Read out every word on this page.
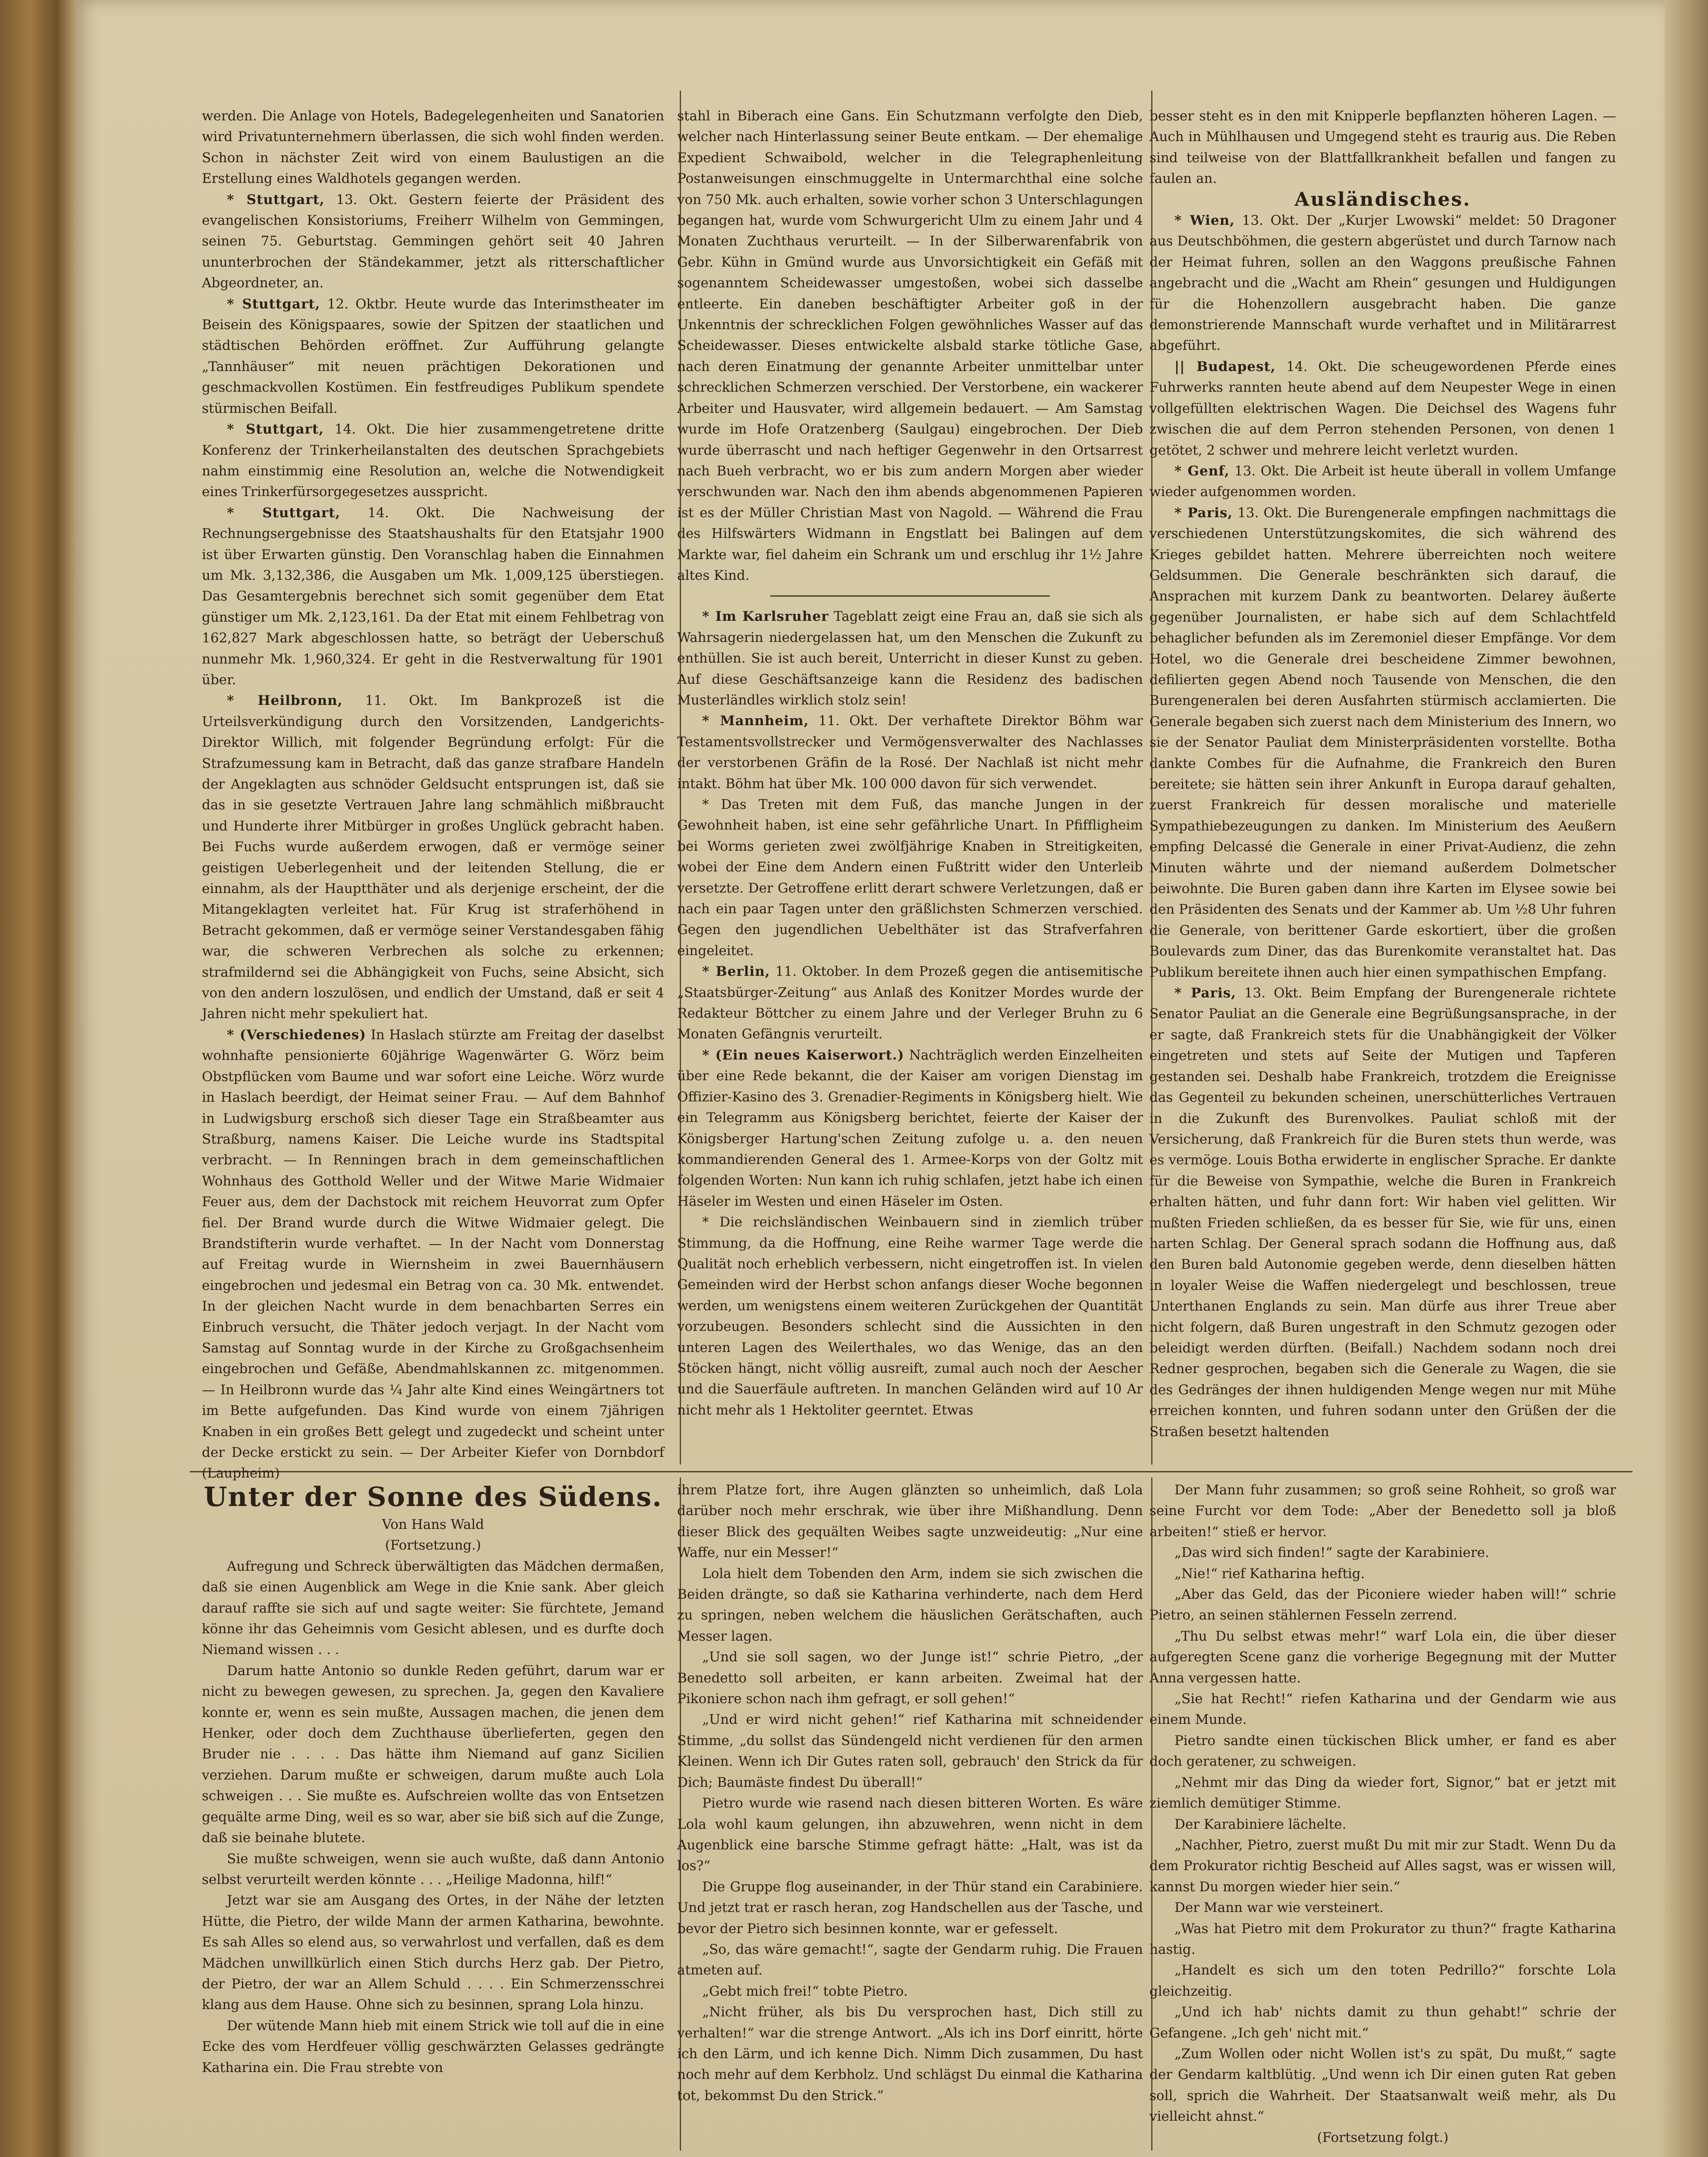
werden. Die Anlage von Hotels, Badegelegenheiten und Sanatorien wird Privatunternehmern überlassen, die sich wohl finden werden. Schon in nächster Zeit wird von einem Baulustigen an die Erstellung eines Waldhotels gegangen werden.

* Stuttgart, 13. Okt. Gestern feierte der Präsident des evangelischen Konsistoriums, Freiherr Wilhelm von Gemmingen, seinen 75. Geburtstag. Gemmingen gehört seit 40 Jahren ununterbrochen der Ständekammer, jetzt als ritterschaftlicher Abgeordneter, an.

* Stuttgart, 12. Oktbr. Heute wurde das Interimstheater im Beisein des Königspaares, sowie der Spitzen der staatlichen und städtischen Behörden eröffnet. Zur Aufführung gelangte „Tannhäuser“ mit neuen prächtigen Dekorationen und geschmackvollen Kostümen. Ein festfreudiges Publikum spendete stürmischen Beifall.

* Stuttgart, 14. Okt. Die hier zusammengetretene dritte Konferenz der Trinkerheilanstalten des deutschen Sprachgebiets nahm einstimmig eine Resolution an, welche die Notwendigkeit eines Trinkerfürsorgegesetzes ausspricht.

* Stuttgart, 14. Okt. Die Nachweisung der Rechnungsergebnisse des Staatshaushalts für den Etatsjahr 1900 ist über Erwarten günstig. Den Voranschlag haben die Einnahmen um Mk. 3,132,386, die Ausgaben um Mk. 1,009,125 überstiegen. Das Gesamtergebnis berechnet sich somit gegenüber dem Etat günstiger um Mk. 2,123,161. Da der Etat mit einem Fehlbetrag von 162,827 Mark abgeschlossen hatte, so beträgt der Ueberschuß nunmehr Mk. 1,960,324. Er geht in die Restverwaltung für 1901 über.

* Heilbronn, 11. Okt. Im Bankprozeß ist die Urteilsverkündigung durch den Vorsitzenden, Landgerichts-Direktor Willich, mit folgender Begründung erfolgt: Für die Strafzumessung kam in Betracht, daß das ganze strafbare Handeln der Angeklagten aus schnöder Geldsucht entsprungen ist, daß sie das in sie gesetzte Vertrauen Jahre lang schmählich mißbraucht und Hunderte ihrer Mitbürger in großes Unglück gebracht haben. Bei Fuchs wurde außerdem erwogen, daß er vermöge seiner geistigen Ueberlegenheit und der leitenden Stellung, die er einnahm, als der Hauptthäter und als derjenige erscheint, der die Mitangeklagten verleitet hat. Für Krug ist straferhöhend in Betracht gekommen, daß er vermöge seiner Verstandesgaben fähig war, die schweren Verbrechen als solche zu erkennen; strafmildernd sei die Abhängigkeit von Fuchs, seine Absicht, sich von den andern loszulösen, und endlich der Umstand, daß er seit 4 Jahren nicht mehr spekuliert hat.

* (Verschiedenes) In Haslach stürzte am Freitag der daselbst wohnhafte pensionierte 60jährige Wagenwärter G. Wörz beim Obstpflücken vom Baume und war sofort eine Leiche. Wörz wurde in Haslach beerdigt, der Heimat seiner Frau. — Auf dem Bahnhof in Ludwigsburg erschoß sich dieser Tage ein Straßbeamter aus Straßburg, namens Kaiser. Die Leiche wurde ins Stadtspital verbracht. — In Renningen brach in dem gemeinschaftlichen Wohnhaus des Gotthold Weller und der Witwe Marie Widmaier Feuer aus, dem der Dachstock mit reichem Heuvorrat zum Opfer fiel. Der Brand wurde durch die Witwe Widmaier gelegt. Die Brandstifterin wurde verhaftet. — In der Nacht vom Donnerstag auf Freitag wurde in Wiernsheim in zwei Bauernhäusern eingebrochen und jedesmal ein Betrag von ca. 30 Mk. entwendet. In der gleichen Nacht wurde in dem benachbarten Serres ein Einbruch versucht, die Thäter jedoch verjagt. In der Nacht vom Samstag auf Sonntag wurde in der Kirche zu Großgachsenheim eingebrochen und Gefäße, Abendmahlskannen zc. mitgenommen. — In Heilbronn wurde das ¼ Jahr alte Kind eines Weingärtners tot im Bette aufgefunden. Das Kind wurde von einem 7jährigen Knaben in ein großes Bett gelegt und zugedeckt und scheint unter der Decke erstickt zu sein. — Der Arbeiter Kiefer von Dornbdorf (Laupheim)

stahl in Biberach eine Gans. Ein Schutzmann verfolgte den Dieb, welcher nach Hinterlassung seiner Beute entkam. — Der ehemalige Expedient Schwaibold, welcher in die Telegraphenleitung Postanweisungen einschmuggelte in Untermarchthal eine solche von 750 Mk. auch erhalten, sowie vorher schon 3 Unterschlagungen begangen hat, wurde vom Schwurgericht Ulm zu einem Jahr und 4 Monaten Zuchthaus verurteilt. — In der Silberwarenfabrik von Gebr. Kühn in Gmünd wurde aus Unvorsichtigkeit ein Gefäß mit sogenanntem Scheidewasser umgestoßen, wobei sich dasselbe entleerte. Ein daneben beschäftigter Arbeiter goß in der Unkenntnis der schrecklichen Folgen gewöhnliches Wasser auf das Scheidewasser. Dieses entwickelte alsbald starke tötliche Gase, nach deren Einatmung der genannte Arbeiter unmittelbar unter schrecklichen Schmerzen verschied. Der Verstorbene, ein wackerer Arbeiter und Hausvater, wird allgemein bedauert. — Am Samstag wurde im Hofe Oratzenberg (Saulgau) eingebrochen. Der Dieb wurde überrascht und nach heftiger Gegenwehr in den Ortsarrest nach Bueh verbracht, wo er bis zum andern Morgen aber wieder verschwunden war. Nach den ihm abends abgenommenen Papieren ist es der Müller Christian Mast von Nagold. — Während die Frau des Hilfswärters Widmann in Engstlatt bei Balingen auf dem Markte war, fiel daheim ein Schrank um und erschlug ihr 1½ Jahre altes Kind.

* Im Karlsruher Tageblatt zeigt eine Frau an, daß sie sich als Wahrsagerin niedergelassen hat, um den Menschen die Zukunft zu enthüllen. Sie ist auch bereit, Unterricht in dieser Kunst zu geben. Auf diese Geschäftsanzeige kann die Residenz des badischen Musterländles wirklich stolz sein!

* Mannheim, 11. Okt. Der verhaftete Direktor Böhm war Testamentsvollstrecker und Vermögensverwalter des Nachlasses der verstorbenen Gräfin de la Rosé. Der Nachlaß ist nicht mehr intakt. Böhm hat über Mk. 100 000 davon für sich verwendet.

* Das Treten mit dem Fuß, das manche Jungen in der Gewohnheit haben, ist eine sehr gefährliche Unart. In Pfiffligheim bei Worms gerieten zwei zwölfjährige Knaben in Streitigkeiten, wobei der Eine dem Andern einen Fußtritt wider den Unterleib versetzte. Der Getroffene erlitt derart schwere Verletzungen, daß er nach ein paar Tagen unter den gräßlichsten Schmerzen verschied. Gegen den jugendlichen Uebelthäter ist das Strafverfahren eingeleitet.

* Berlin, 11. Oktober. In dem Prozeß gegen die antisemitische „Staatsbürger-Zeitung“ aus Anlaß des Konitzer Mordes wurde der Redakteur Böttcher zu einem Jahre und der Verleger Bruhn zu 6 Monaten Gefängnis verurteilt.

* (Ein neues Kaiserwort.) Nachträglich werden Einzelheiten über eine Rede bekannt, die der Kaiser am vorigen Dienstag im Offizier-Kasino des 3. Grenadier-Regiments in Königsberg hielt. Wie ein Telegramm aus Königsberg berichtet, feierte der Kaiser der Königsberger Hartung'schen Zeitung zufolge u. a. den neuen kommandierenden General des 1. Armee-Korps von der Goltz mit folgenden Worten: Nun kann ich ruhig schlafen, jetzt habe ich einen Häseler im Westen und einen Häseler im Osten.

* Die reichsländischen Weinbauern sind in ziemlich trüber Stimmung, da die Hoffnung, eine Reihe warmer Tage werde die Qualität noch erheblich verbessern, nicht eingetroffen ist. In vielen Gemeinden wird der Herbst schon anfangs dieser Woche begonnen werden, um wenigstens einem weiteren Zurückgehen der Quantität vorzubeugen. Besonders schlecht sind die Aussichten in den unteren Lagen des Weilerthales, wo das Wenige, das an den Stöcken hängt, nicht völlig ausreift, zumal auch noch der Aescher und die Sauerfäule auftreten. In manchen Geländen wird auf 10 Ar nicht mehr als 1 Hektoliter geerntet. Etwas

besser steht es in den mit Knipperle bepflanzten höheren Lagen. — Auch in Mühlhausen und Umgegend steht es traurig aus. Die Reben sind teilweise von der Blattfallkrankheit befallen und fangen zu faulen an.

Ausländisches.

* Wien, 13. Okt. Der „Kurjer Lwowski“ meldet: 50 Dragoner aus Deutschböhmen, die gestern abgerüstet und durch Tarnow nach der Heimat fuhren, sollen an den Waggons preußische Fahnen angebracht und die „Wacht am Rhein“ gesungen und Huldigungen für die Hohenzollern ausgebracht haben. Die ganze demonstrierende Mannschaft wurde verhaftet und in Militärarrest abgeführt.

|| Budapest, 14. Okt. Die scheugewordenen Pferde eines Fuhrwerks rannten heute abend auf dem Neupester Wege in einen vollgefüllten elektrischen Wagen. Die Deichsel des Wagens fuhr zwischen die auf dem Perron stehenden Personen, von denen 1 getötet, 2 schwer und mehrere leicht verletzt wurden.

* Genf, 13. Okt. Die Arbeit ist heute überall in vollem Umfange wieder aufgenommen worden.

* Paris, 13. Okt. Die Burengenerale empfingen nachmittags die verschiedenen Unterstützungskomites, die sich während des Krieges gebildet hatten. Mehrere überreichten noch weitere Geldsummen. Die Generale beschränkten sich darauf, die Ansprachen mit kurzem Dank zu beantworten. Delarey äußerte gegenüber Journalisten, er habe sich auf dem Schlachtfeld behaglicher befunden als im Zeremoniel dieser Empfänge. Vor dem Hotel, wo die Generale drei bescheidene Zimmer bewohnen, defilierten gegen Abend noch Tausende von Menschen, die den Burengeneralen bei deren Ausfahrten stürmisch acclamierten. Die Generale begaben sich zuerst nach dem Ministerium des Innern, wo sie der Senator Pauliat dem Ministerpräsidenten vorstellte. Botha dankte Combes für die Aufnahme, die Frankreich den Buren bereitete; sie hätten sein ihrer Ankunft in Europa darauf gehalten, zuerst Frankreich für dessen moralische und materielle Sympathiebezeugungen zu danken. Im Ministerium des Aeußern empfing Delcassé die Generale in einer Privat-Audienz, die zehn Minuten währte und der niemand außerdem Dolmetscher beiwohnte. Die Buren gaben dann ihre Karten im Elysee sowie bei den Präsidenten des Senats und der Kammer ab. Um ½8 Uhr fuhren die Generale, von berittener Garde eskortiert, über die großen Boulevards zum Diner, das das Burenkomite veranstaltet hat. Das Publikum bereitete ihnen auch hier einen sympathischen Empfang.

* Paris, 13. Okt. Beim Empfang der Burengenerale richtete Senator Pauliat an die Generale eine Begrüßungsansprache, in der er sagte, daß Frankreich stets für die Unabhängigkeit der Völker eingetreten und stets auf Seite der Mutigen und Tapferen gestanden sei. Deshalb habe Frankreich, trotzdem die Ereignisse das Gegenteil zu bekunden scheinen, unerschütterliches Vertrauen in die Zukunft des Burenvolkes. Pauliat schloß mit der Versicherung, daß Frankreich für die Buren stets thun werde, was es vermöge. Louis Botha erwiderte in englischer Sprache. Er dankte für die Beweise von Sympathie, welche die Buren in Frankreich erhalten hätten, und fuhr dann fort: Wir haben viel gelitten. Wir mußten Frieden schließen, da es besser für Sie, wie für uns, einen harten Schlag. Der General sprach sodann die Hoffnung aus, daß den Buren bald Autonomie gegeben werde, denn dieselben hätten in loyaler Weise die Waffen niedergelegt und beschlossen, treue Unterthanen Englands zu sein. Man dürfe aus ihrer Treue aber nicht folgern, daß Buren ungestraft in den Schmutz gezogen oder beleidigt werden dürften. (Beifall.) Nachdem sodann noch drei Redner gesprochen, begaben sich die Generale zu Wagen, die sie des Gedränges der ihnen huldigenden Menge wegen nur mit Mühe erreichen konnten, und fuhren sodann unter den Grüßen der die Straßen besetzt haltenden

Unter der Sonne des Südens.

Von Hans Wald

(Fortsetzung.)

Aufregung und Schreck überwältigten das Mädchen dermaßen, daß sie einen Augenblick am Wege in die Knie sank. Aber gleich darauf raffte sie sich auf und sagte weiter: Sie fürchtete, Jemand könne ihr das Geheimnis vom Gesicht ablesen, und es durfte doch Niemand wissen . . .

Darum hatte Antonio so dunkle Reden geführt, darum war er nicht zu bewegen gewesen, zu sprechen. Ja, gegen den Kavaliere konnte er, wenn es sein mußte, Aussagen machen, die jenen dem Henker, oder doch dem Zuchthause überlieferten, gegen den Bruder nie . . . . Das hätte ihm Niemand auf ganz Sicilien verziehen. Darum mußte er schweigen, darum mußte auch Lola schweigen . . . Sie mußte es. Aufschreien wollte das von Entsetzen gequälte arme Ding, weil es so war, aber sie biß sich auf die Zunge, daß sie beinahe blutete.

Sie mußte schweigen, wenn sie auch wußte, daß dann Antonio selbst verurteilt werden könnte . . . „Heilige Madonna, hilf!“

Jetzt war sie am Ausgang des Ortes, in der Nähe der letzten Hütte, die Pietro, der wilde Mann der armen Katharina, bewohnte. Es sah Alles so elend aus, so verwahrlost und verfallen, daß es dem Mädchen unwillkürlich einen Stich durchs Herz gab. Der Pietro, der Pietro, der war an Allem Schuld . . . . Ein Schmerzensschrei klang aus dem Hause. Ohne sich zu besinnen, sprang Lola hinzu.

Der wütende Mann hieb mit einem Strick wie toll auf die in eine Ecke des vom Herdfeuer völlig geschwärzten Gelasses gedrängte Katharina ein. Die Frau strebte von

ihrem Platze fort, ihre Augen glänzten so unheimlich, daß Lola darüber noch mehr erschrak, wie über ihre Mißhandlung. Denn dieser Blick des gequälten Weibes sagte unzweideutig: „Nur eine Waffe, nur ein Messer!“

Lola hielt dem Tobenden den Arm, indem sie sich zwischen die Beiden drängte, so daß sie Katharina verhinderte, nach dem Herd zu springen, neben welchem die häuslichen Gerätschaften, auch Messer lagen.

„Und sie soll sagen, wo der Junge ist!“ schrie Pietro, „der Benedetto soll arbeiten, er kann arbeiten. Zweimal hat der Pikoniere schon nach ihm gefragt, er soll gehen!“

„Und er wird nicht gehen!“ rief Katharina mit schneidender Stimme, „du sollst das Sündengeld nicht verdienen für den armen Kleinen. Wenn ich Dir Gutes raten soll, gebrauch' den Strick da für Dich; Baumäste findest Du überall!“

Pietro wurde wie rasend nach diesen bitteren Worten. Es wäre Lola wohl kaum gelungen, ihn abzuwehren, wenn nicht in dem Augenblick eine barsche Stimme gefragt hätte: „Halt, was ist da los?“

Die Gruppe flog auseinander, in der Thür stand ein Carabiniere. Und jetzt trat er rasch heran, zog Handschellen aus der Tasche, und bevor der Pietro sich besinnen konnte, war er gefesselt.

„So, das wäre gemacht!“, sagte der Gendarm ruhig. Die Frauen atmeten auf.

„Gebt mich frei!“ tobte Pietro.

„Nicht früher, als bis Du versprochen hast, Dich still zu verhalten!“ war die strenge Antwort. „Als ich ins Dorf einritt, hörte ich den Lärm, und ich kenne Dich. Nimm Dich zusammen, Du hast noch mehr auf dem Kerbholz. Und schlägst Du einmal die Katharina tot, bekommst Du den Strick.“

Der Mann fuhr zusammen; so groß seine Rohheit, so groß war seine Furcht vor dem Tode: „Aber der Benedetto soll ja bloß arbeiten!“ stieß er hervor.

„Das wird sich finden!“ sagte der Karabiniere.

„Nie!“ rief Katharina heftig.

„Aber das Geld, das der Piconiere wieder haben will!“ schrie Pietro, an seinen stählernen Fesseln zerrend.

„Thu Du selbst etwas mehr!“ warf Lola ein, die über dieser aufgeregten Scene ganz die vorherige Begegnung mit der Mutter Anna vergessen hatte.

„Sie hat Recht!“ riefen Katharina und der Gendarm wie aus einem Munde.

Pietro sandte einen tückischen Blick umher, er fand es aber doch geratener, zu schweigen.

„Nehmt mir das Ding da wieder fort, Signor,“ bat er jetzt mit ziemlich demütiger Stimme.

Der Karabiniere lächelte.

„Nachher, Pietro, zuerst mußt Du mit mir zur Stadt. Wenn Du da dem Prokurator richtig Bescheid auf Alles sagst, was er wissen will, kannst Du morgen wieder hier sein.“

Der Mann war wie versteinert.

„Was hat Pietro mit dem Prokurator zu thun?“ fragte Katharina hastig.

„Handelt es sich um den toten Pedrillo?“ forschte Lola gleichzeitig.

„Und ich hab' nichts damit zu thun gehabt!“ schrie der Gefangene. „Ich geh' nicht mit.“

„Zum Wollen oder nicht Wollen ist's zu spät, Du mußt,“ sagte der Gendarm kaltblütig. „Und wenn ich Dir einen guten Rat geben soll, sprich die Wahrheit. Der Staatsanwalt weiß mehr, als Du vielleicht ahnst.“

(Fortsetzung folgt.)
